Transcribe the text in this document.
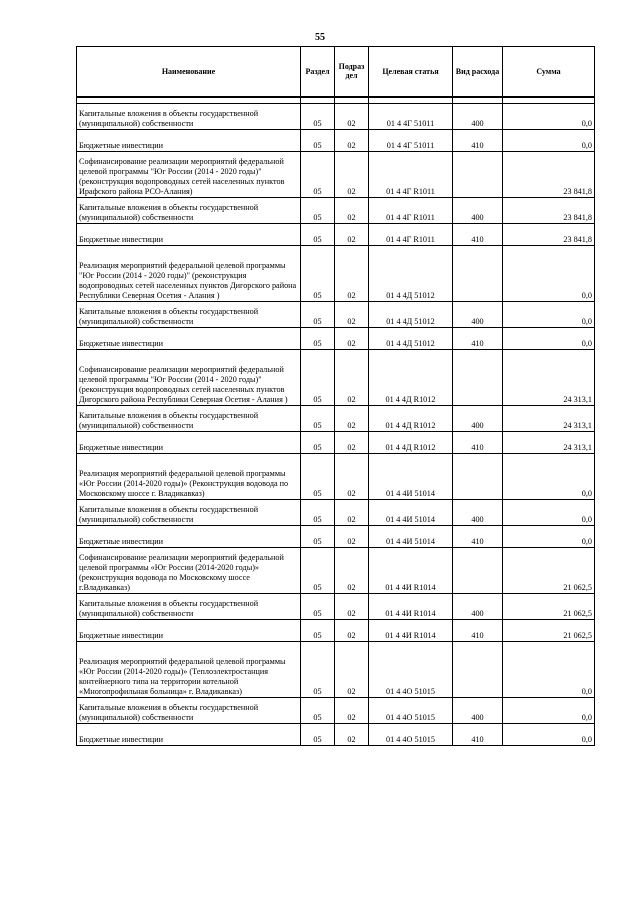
55
Наименование	Раздел	Подраз дел	Целевая статья	Вид расхода	Сумма

Капитальные вложения в объекты государственной (муниципальной) собственности	05	02	01 4 4Г 51011	400	0,0
Бюджетные инвестиции	05	02	01 4 4Г 51011	410	0,0
Софинансирование реализации мероприятий федеральной целевой программы "Юг России (2014 - 2020 годы)" (реконструкция водопроводных сетей населенных пунктов Ирафского района РСО-Алания)	05	02	01 4 4Г R1011		23 841,8
Капитальные вложения в объекты государственной (муниципальной) собственности	05	02	01 4 4Г R1011	400	23 841,8
Бюджетные инвестиции	05	02	01 4 4Г R1011	410	23 841,8
Реализация мероприятий федеральной целевой программы "Юг России (2014 - 2020 годы)" (реконструкция водопроводных сетей населенных пунктов Дигорского района Республики Северная Осетия - Алания )	05	02	01 4 4Д 51012		0,0
Капитальные вложения в объекты государственной (муниципальной) собственности	05	02	01 4 4Д 51012	400	0,0
Бюджетные инвестиции	05	02	01 4 4Д 51012	410	0,0
Софинансирование реализации мероприятий федеральной целевой программы "Юг России (2014 - 2020 годы)" (реконструкция водопроводных сетей населенных пунктов Дигорского района Республики Северная Осетия - Алания )	05	02	01 4 4Д R1012		24 313,1
Капитальные вложения в объекты государственной (муниципальной) собственности	05	02	01 4 4Д R1012	400	24 313,1
Бюджетные инвестиции	05	02	01 4 4Д R1012	410	24 313,1
Реализация мероприятий федеральной целевой программы «Юг России (2014-2020 годы)» (Реконструкция водовода по Московскому шоссе г. Владикавказ)	05	02	01 4 4И 51014		0,0
Капитальные вложения в объекты государственной (муниципальной) собственности	05	02	01 4 4И 51014	400	0,0
Бюджетные инвестиции	05	02	01 4 4И 51014	410	0,0
Софинансирование реализации мероприятий федеральной целевой программы «Юг России (2014-2020 годы)» (реконструкция водовода по Московскому шоссе г.Владикавказ)	05	02	01 4 4И R1014		21 062,5
Капитальные вложения в объекты государственной (муниципальной) собственности	05	02	01 4 4И R1014	400	21 062,5
Бюджетные инвестиции	05	02	01 4 4И R1014	410	21 062,5
Реализация мероприятий федеральной целевой программы «Юг России (2014-2020 годы)» (Теплоэлектростанция контейнерного типа на территории котельной «Многопрофильная больница» г. Владикавказ)	05	02	01 4 4О 51015		0,0
Капитальные вложения в объекты государственной (муниципальной) собственности	05	02	01 4 4О 51015	400	0,0
Бюджетные инвестиции	05	02	01 4 4О 51015	410	0,0
